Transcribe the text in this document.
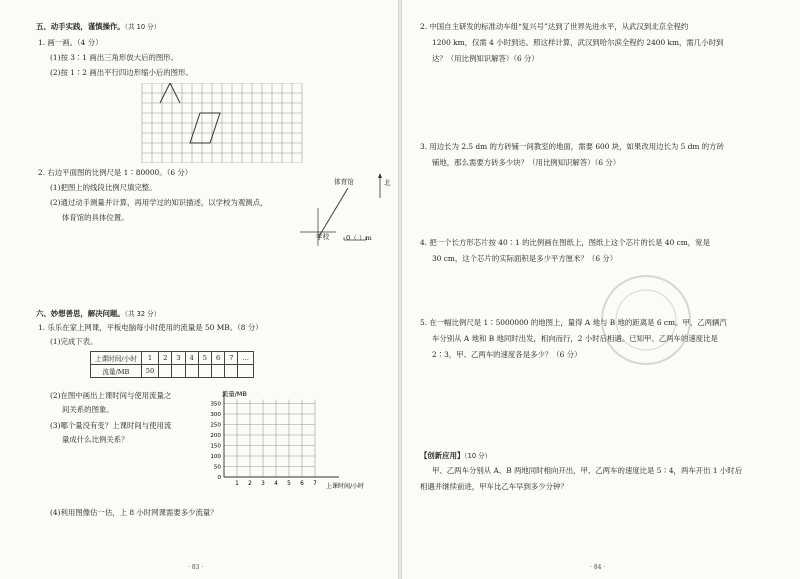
五、动手实践，谨慎操作。（共 10 分）
1. 画一画。（4 分）
(1)按 3∶1 画出三角形放大后的图形。
(2)按 1∶2 画出平行四边形缩小后的图形。
2. 右边平面图的比例尺是 1∶80000。（6 分）
(1)把图上的线段比例尺填完整。
(2)通过动手测量并计算，再用学过的知识描述，以学校为观测点，
体育馆的具体位置。
体育馆	北
学校	0（ ）m
六、妙想善思，解决问题。（共 32 分）
1. 乐乐在家上网课，平板电脑每小时使用的流量是 50 MB。（8 分）
(1)完成下表。
上课时间/小时	1	2	3	4	5	6	7	…
流量/MB	50							
(2)在图中画出上课时间与使用流量之
间关系的图象。
(3)哪个量没有变？上课时间与使用流
量成什么比例关系？
0
50
100
150
200
250
300
350
1 2 3 4 5 6 7
流量/MB
上课时间/小时
(4)利用图像估一估，上 8 小时网课需要多少流量？
· 83 ·
2. 中国自主研发的标准动车组“复兴号”达到了世界先进水平，从武汉到北京全程约
1200 km，仅需 4 小时到达。照这样计算，武汉到哈尔滨全程约 2400 km，需几小时到
达？（用比例知识解答）（6 分）
3. 用边长为 2.5 dm 的方砖铺一间教室的地面，需要 600 块，如果改用边长为 5 dm 的方砖
铺地，那么需要方砖多少块？（用比例知识解答）（6 分）
4. 把一个长方形芯片按 40∶1 的比例画在图纸上，图纸上这个芯片的长是 40 cm，宽是
30 cm，这个芯片的实际面积是多少平方厘米？（6 分）
5. 在一幅比例尺是 1∶5000000 的地图上，量得 A 地与 B 地的距离是 6 cm。甲、乙两辆汽
车分别从 A 地和 B 地同时出发，相向而行，2 小时后相遇。已知甲、乙两车的速度比是
2∶3，甲、乙两车的速度各是多少？（6 分）
【创新应用】（10 分）
甲、乙两车分别从 A、B 两地同时相向开出，甲、乙两车的速度比是 5∶4，两车开出 1 小时后
相遇并继续前进，甲车比乙车早到多少分钟？
· 84 ·
